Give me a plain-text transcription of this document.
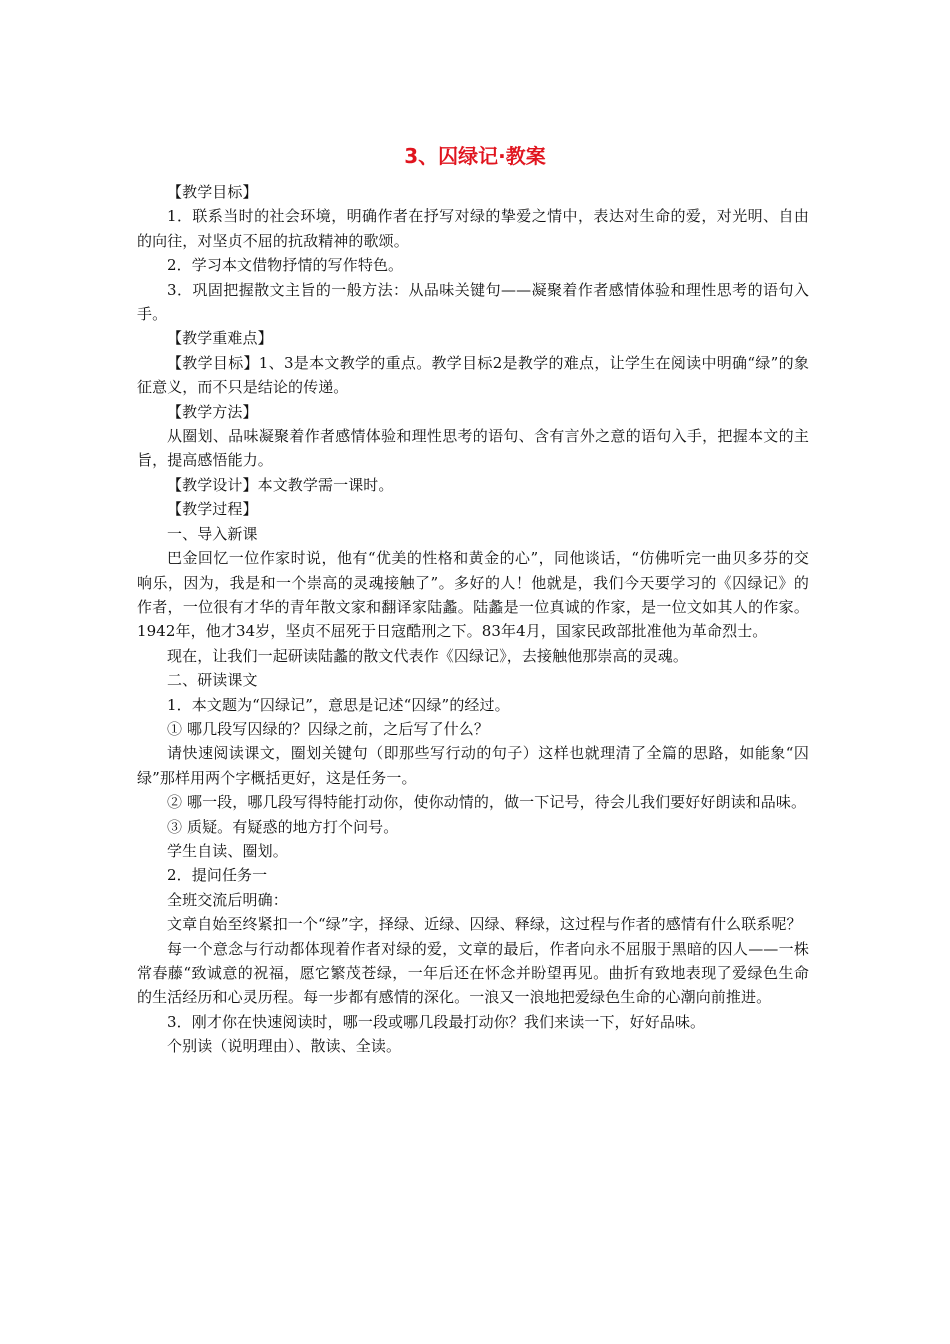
3、囚绿记·教案

【教学目标】

1．联系当时的社会环境，明确作者在抒写对绿的挚爱之情中，表达对生命的爱，对光明、自由的向往，对坚贞不屈的抗敌精神的歌颂。

2．学习本文借物抒情的写作特色。

3．巩固把握散文主旨的一般方法：从品味关键句——凝聚着作者感情体验和理性思考的语句入手。

【教学重难点】

【教学目标】1、3是本文教学的重点。教学目标2是教学的难点，让学生在阅读中明确“绿”的象征意义，而不只是结论的传递。

【教学方法】

从圈划、品味凝聚着作者感情体验和理性思考的语句、含有言外之意的语句入手，把握本文的主旨，提高感悟能力。

【教学设计】本文教学需一课时。

【教学过程】

一、导入新课

巴金回忆一位作家时说，他有“优美的性格和黄金的心”，同他谈话，“仿佛听完一曲贝多芬的交响乐，因为，我是和一个崇高的灵魂接触了”。多好的人！他就是，我们今天要学习的《囚绿记》的作者，一位很有才华的青年散文家和翻译家陆蠡。陆蠡是一位真诚的作家，是一位文如其人的作家。1942年，他才34岁，坚贞不屈死于日寇酷刑之下。83年4月，国家民政部批准他为革命烈士。

现在，让我们一起研读陆蠡的散文代表作《囚绿记》，去接触他那崇高的灵魂。

二、研读课文

1．本文题为“囚绿记”，意思是记述“囚绿”的经过。

① 哪几段写囚绿的？囚绿之前，之后写了什么？

请快速阅读课文，圈划关键句（即那些写行动的句子）这样也就理清了全篇的思路，如能象“囚绿”那样用两个字概括更好，这是任务一。

② 哪一段，哪几段写得特能打动你，使你动情的，做一下记号，待会儿我们要好好朗读和品味。

③ 质疑。有疑惑的地方打个问号。

学生自读、圈划。

2．提问任务一

全班交流后明确：

文章自始至终紧扣一个“绿”字，择绿、近绿、囚绿、释绿，这过程与作者的感情有什么联系呢？

每一个意念与行动都体现着作者对绿的爱，文章的最后，作者向永不屈服于黑暗的囚人——一株常春藤“致诚意的祝福，愿它繁茂苍绿，一年后还在怀念并盼望再见。曲折有致地表现了爱绿色生命的生活经历和心灵历程。每一步都有感情的深化。一浪又一浪地把爱绿色生命的心潮向前推进。

3．刚才你在快速阅读时，哪一段或哪几段最打动你？我们来读一下，好好品味。

个别读（说明理由）、散读、全读。
